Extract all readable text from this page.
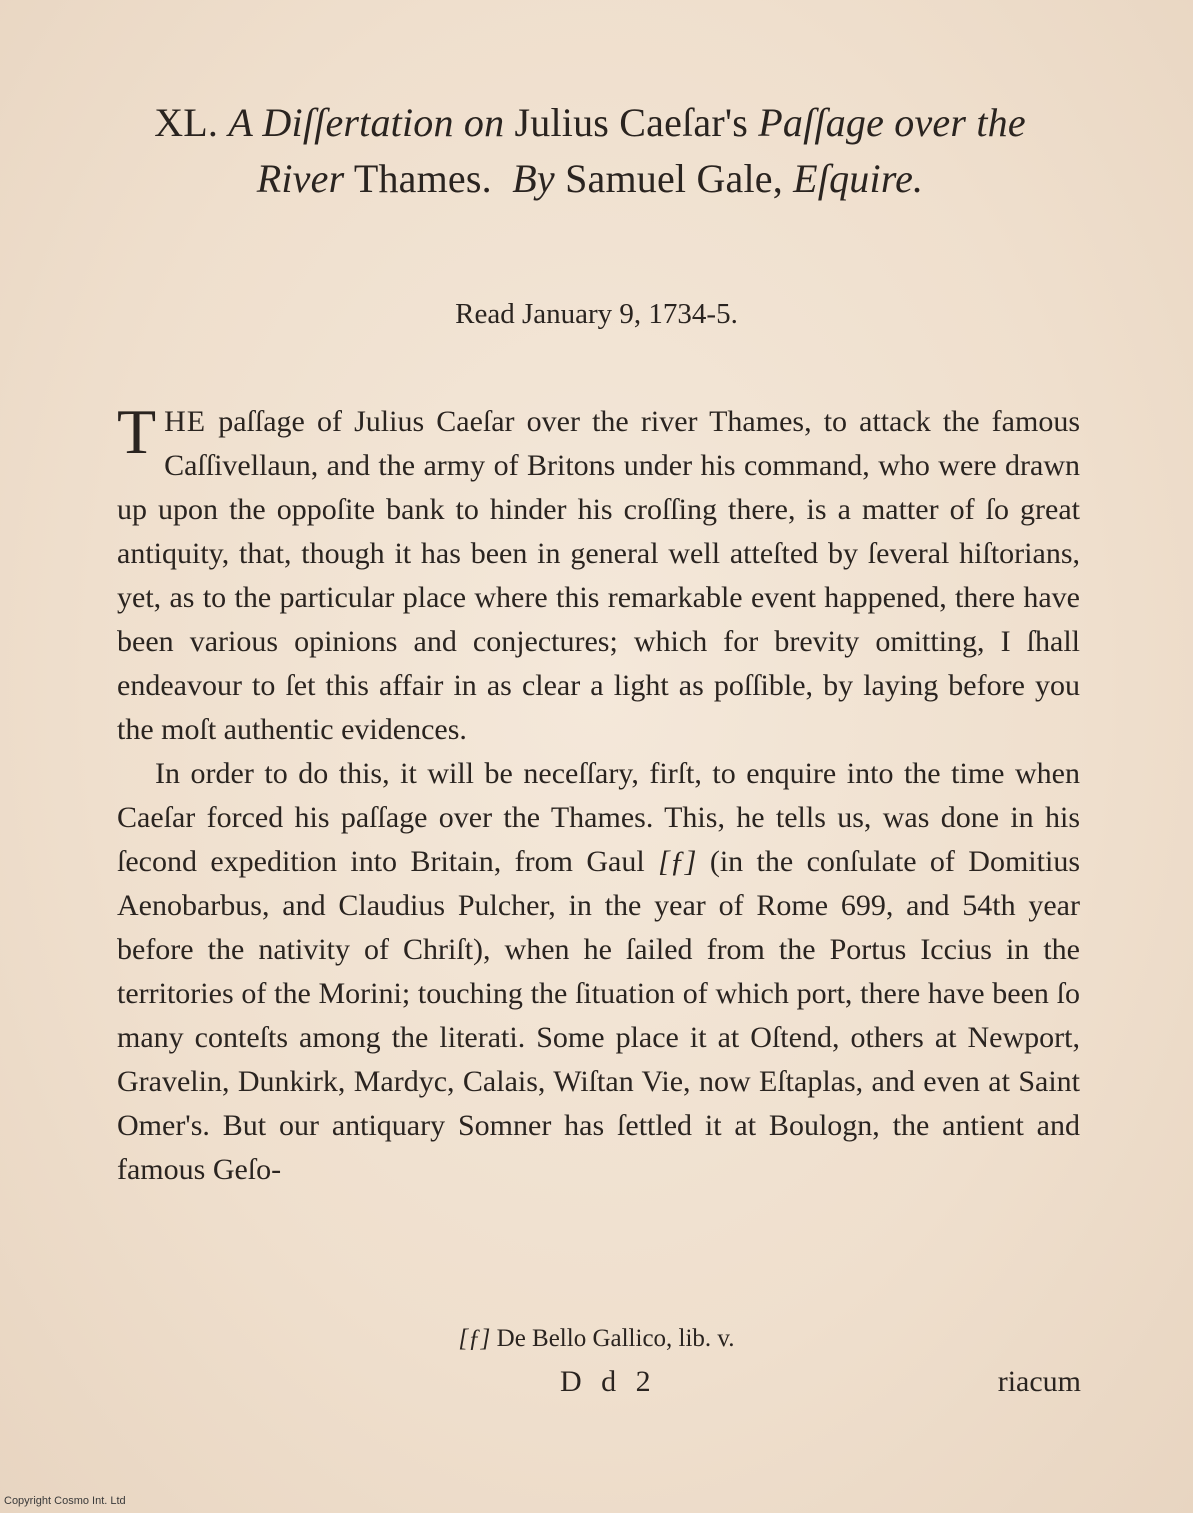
XL. A Diſſertation on Julius Caeſar's Paſſage over the
River Thames. By Samuel Gale, Eſquire.
Read January 9, 1734-5.

THE paſſage of Julius Caeſar over the river Thames, to attack the famous Caſſivellaun, and the army of Britons under his command, who were drawn up upon the oppoſite bank to hinder his croſſing there, is a matter of ſo great antiquity, that, though it has been in general well atteſted by ſeveral hiſtorians, yet, as to the particular place where this remarkable event happened, there have been various opinions and conjectures; which for brevity omitting, I ſhall endeavour to ſet this affair in as clear a light as poſſible, by laying before you the moſt authentic evidences.

In order to do this, it will be neceſſary, firſt, to enquire into the time when Caeſar forced his paſſage over the Thames. This, he tells us, was done in his ſecond expedition into Britain, from Gaul [ƒ] (in the conſulate of Domitius Aenobarbus, and Claudius Pulcher, in the year of Rome 699, and 54th year before the nativity of Chriſt), when he ſailed from the Portus Iccius in the territories of the Morini; touching the ſituation of which port, there have been ſo many conteſts among the literati. Some place it at Oſtend, others at Newport, Gravelin, Dunkirk, Mardyc, Calais, Wiſtan Vie, now Eſtaplas, and even at Saint Omer's. But our antiquary Somner has ſettled it at Boulogn, the antient and famous Geſo-

[ƒ] De Bello Gallico, lib. v.
D d 2	riacum
Copyright Cosmo Int. Ltd
